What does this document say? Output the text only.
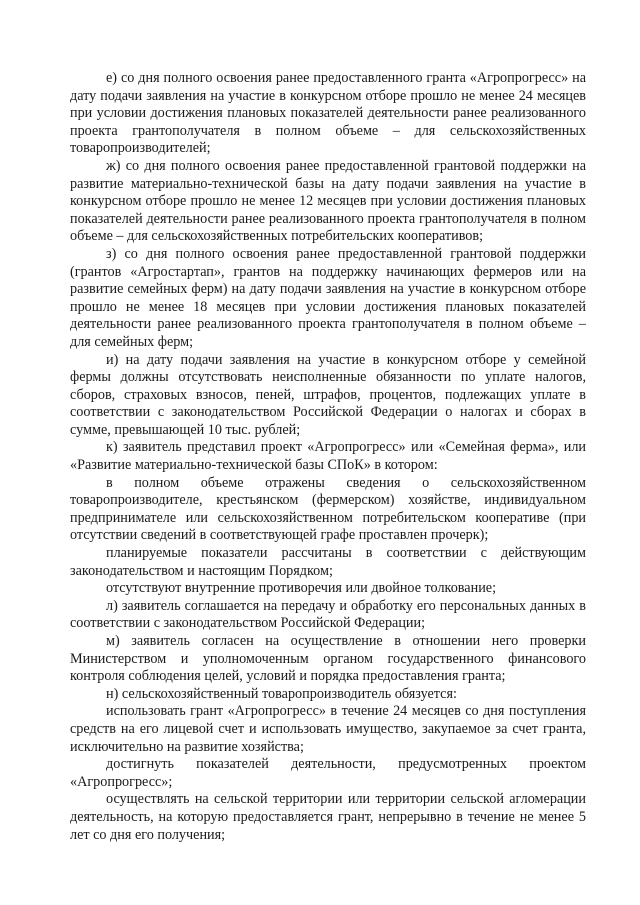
е) со дня полного освоения ранее предоставленного гранта «Агропрогресс» на дату подачи заявления на участие в конкурсном отборе прошло не менее 24 месяцев при условии достижения плановых показателей деятельности ранее реализованного проекта грантополучателя в полном объеме – для сельскохозяйственных товаропроизводителей;

ж) со дня полного освоения ранее предоставленной грантовой поддержки на развитие материально-технической базы на дату подачи заявления на участие в конкурсном отборе прошло не менее 12 месяцев при условии достижения плановых показателей деятельности ранее реализованного проекта грантополучателя в полном объеме – для сельскохозяйственных потребительских кооперативов;

з) со дня полного освоения ранее предоставленной грантовой поддержки (грантов «Агростартап», грантов на поддержку начинающих фермеров или на развитие семейных ферм) на дату подачи заявления на участие в конкурсном отборе прошло не менее 18 месяцев при условии достижения плановых показателей деятельности ранее реализованного проекта грантополучателя в полном объеме – для семейных ферм;

и) на дату подачи заявления на участие в конкурсном отборе у семейной фермы должны отсутствовать неисполненные обязанности по уплате налогов, сборов, страховых взносов, пеней, штрафов, процентов, подлежащих уплате в соответствии с законодательством Российской Федерации о налогах и сборах в сумме, превышающей 10 тыс. рублей;

к) заявитель представил проект «Агропрогресс» или «Семейная ферма», или «Развитие материально-технической базы СПоК» в котором:

в полном объеме отражены сведения о сельскохозяйственном товаропроизводителе, крестьянском (фермерском) хозяйстве, индивидуальном предпринимателе или сельскохозяйственном потребительском кооперативе (при отсутствии сведений в соответствующей графе проставлен прочерк);

планируемые показатели рассчитаны в соответствии с действующим законодательством и настоящим Порядком;

отсутствуют внутренние противоречия или двойное толкование;

л) заявитель соглашается на передачу и обработку его персональных данных в соответствии с законодательством Российской Федерации;

м) заявитель согласен на осуществление в отношении него проверки Министерством и уполномоченным органом государственного финансового контроля соблюдения целей, условий и порядка предоставления гранта;

н) сельскохозяйственный товаропроизводитель обязуется:

использовать грант «Агропрогресс» в течение 24 месяцев со дня поступления средств на его лицевой счет и использовать имущество, закупаемое за счет гранта, исключительно на развитие хозяйства;

достигнуть показателей деятельности, предусмотренных проектом «Агропрогресс»;

осуществлять на сельской территории или территории сельской агломерации деятельность, на которую предоставляется грант, непрерывно в течение не менее 5 лет со дня его получения;
